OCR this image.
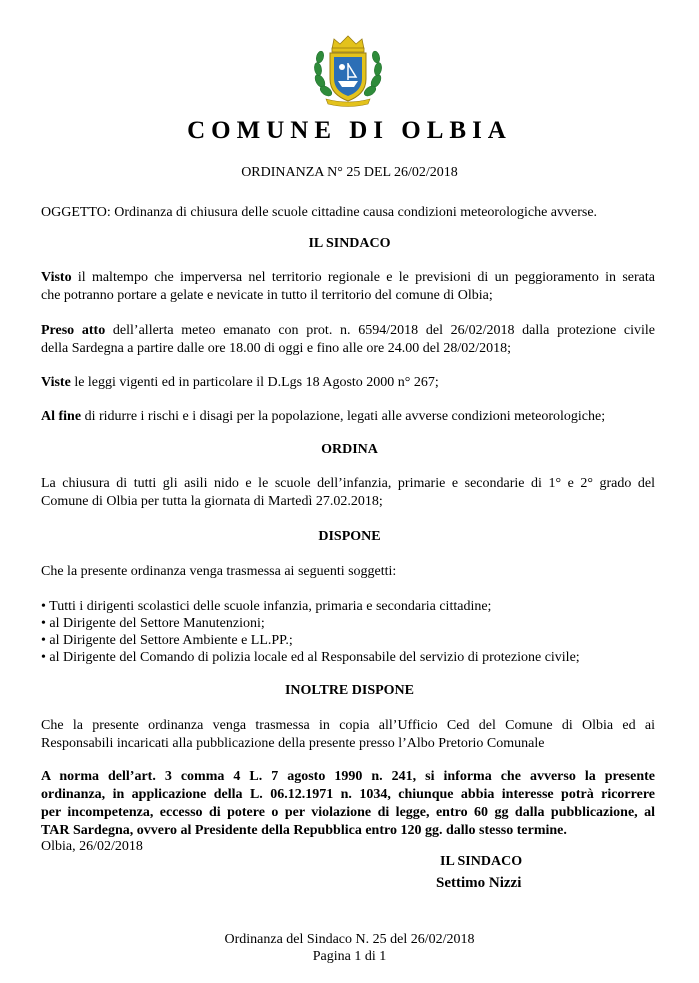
COMUNE DI OLBIA
ORDINANZA N° 25 DEL 26/02/2018
OGGETTO: Ordinanza di chiusura delle scuole cittadine causa condizioni meteorologiche avverse.
IL SINDACO
Visto il maltempo che imperversa nel territorio regionale e le previsioni di un peggioramento in serata
che potranno portare a gelate e nevicate in tutto il territorio del comune di Olbia;
Preso atto dell’allerta meteo emanato con prot. n. 6594/2018 del 26/02/2018 dalla protezione civile
della Sardegna a partire dalle ore 18.00 di oggi e fino alle ore 24.00 del 28/02/2018;
Viste le leggi vigenti ed in particolare il D.Lgs 18 Agosto 2000 n° 267;
Al fine di ridurre i rischi e i disagi per la popolazione, legati alle avverse condizioni meteorologiche;
ORDINA
La chiusura di tutti gli asili nido e le scuole dell’infanzia, primarie e secondarie di 1° e 2° grado del
Comune di Olbia per tutta la giornata di Martedì 27.02.2018;
DISPONE
Che la presente ordinanza venga trasmessa ai seguenti soggetti:
• Tutti i dirigenti scolastici delle scuole infanzia, primaria e secondaria cittadine;
• al Dirigente del Settore Manutenzioni;
• al Dirigente del Settore Ambiente e LL.PP.;
• al Dirigente del Comando di polizia locale ed al Responsabile del servizio di protezione civile;
INOLTRE DISPONE
Che la presente ordinanza venga trasmessa in copia all’Ufficio Ced del Comune di Olbia ed ai
Responsabili incaricati alla pubblicazione della presente presso l’Albo Pretorio Comunale
A norma dell’art. 3 comma 4 L. 7 agosto 1990 n. 241, si informa che avverso la presente
ordinanza, in applicazione della L. 06.12.1971 n. 1034, chiunque abbia interesse potrà ricorrere
per incompetenza, eccesso di potere o per violazione di legge, entro 60 gg dalla pubblicazione, al
TAR Sardegna, ovvero al Presidente della Repubblica entro 120 gg. dallo stesso termine.
Olbia, 26/02/2018
IL SINDACO
Settimo Nizzi
Ordinanza del Sindaco N. 25 del 26/02/2018
Pagina 1 di 1
